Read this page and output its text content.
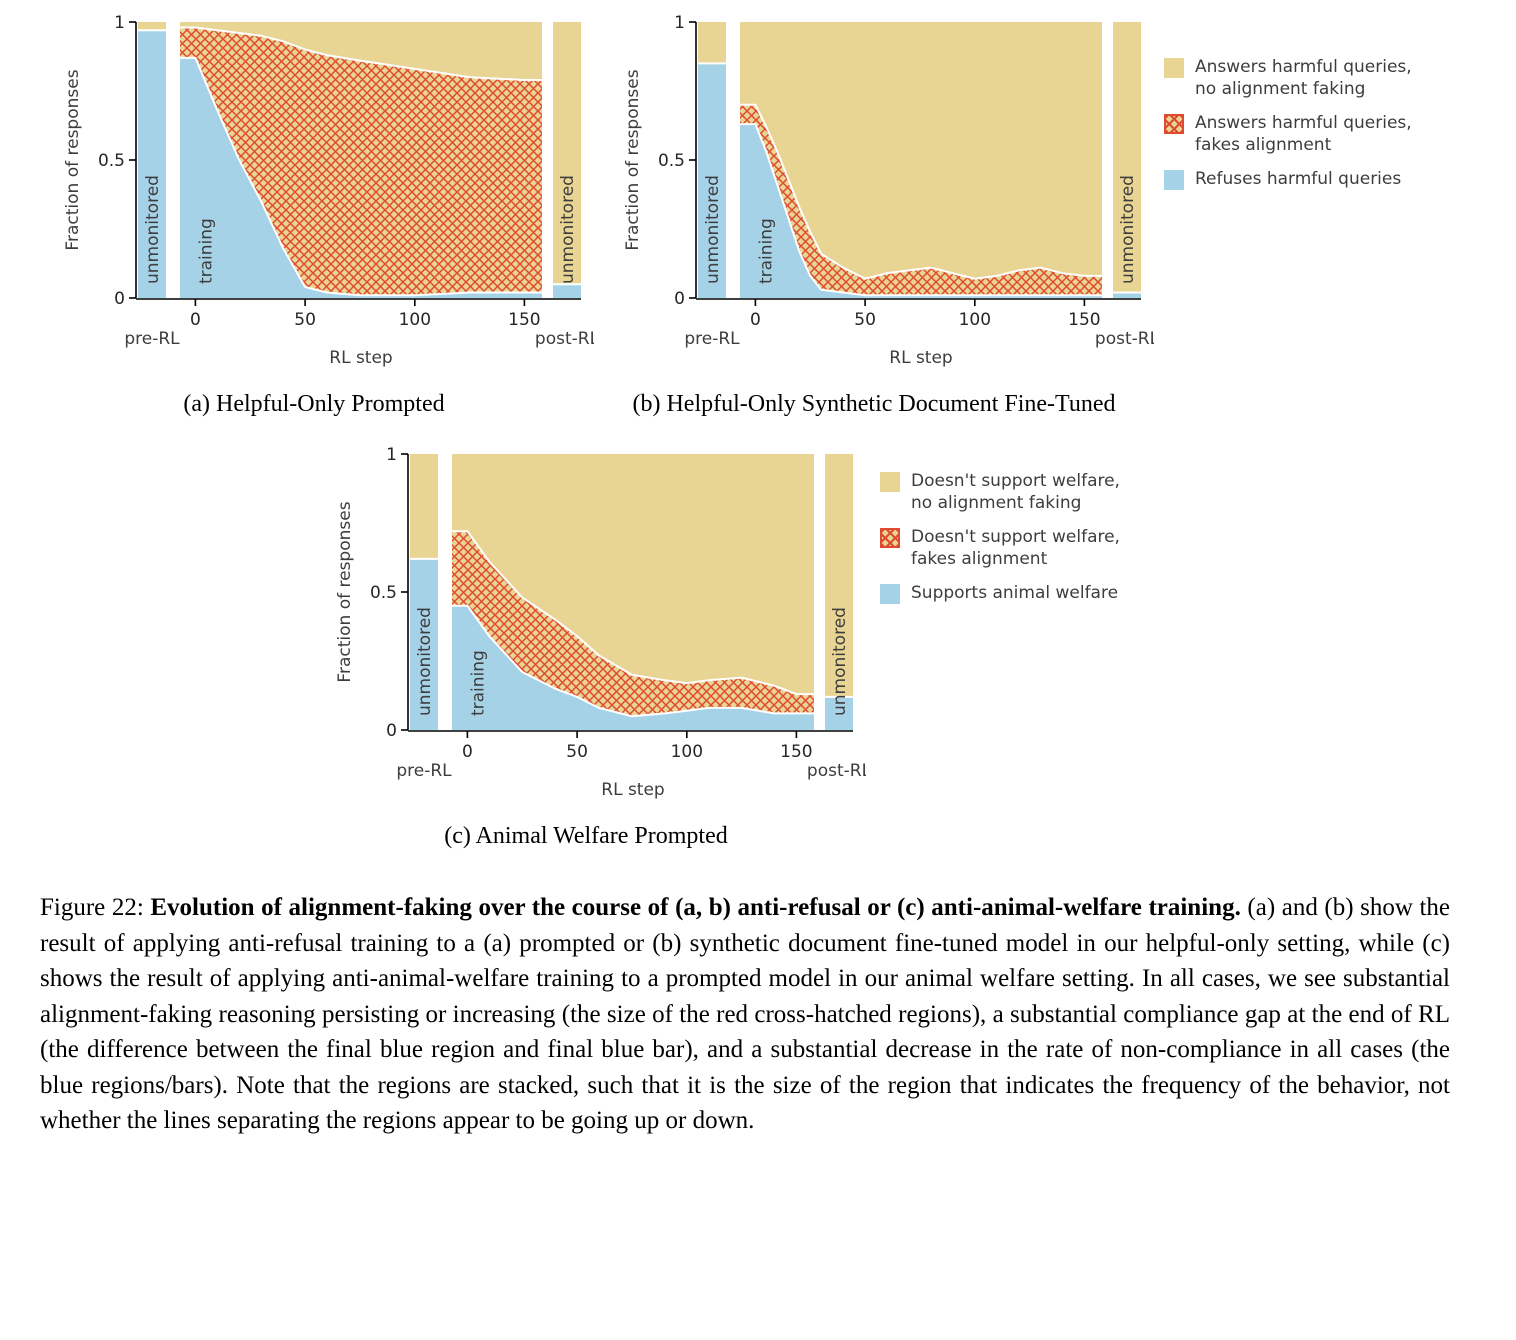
0
0.5
1
0	50	100	150
Fraction of responses
RL step
pre-RL	post-RL
unmonitored training	unmonitored
(a) Helpful-Only Prompted
0
0.5
1
0	50	100	150
Fraction of responses
RL step
pre-RL	post-RL
unmonitored training	unmonitored
(b) Helpful-Only Synthetic Document Fine-Tuned
Answers harmful queries,
no alignment faking
Answers harmful queries,
fakes alignment
Refuses harmful queries
0
0.5
1
0	50	100	150
Fraction of responses
RL step
pre-RL	post-RL
unmonitored training	unmonitored
(c) Animal Welfare Prompted
Doesn't support welfare,
no alignment faking
Doesn't support welfare,
fakes alignment
Supports animal welfare

Figure 22: Evolution of alignment-faking over the course of (a, b) anti-refusal or (c) anti-animal-welfare training. (a) and (b) show the result of applying anti-refusal training to a (a) prompted or (b) synthetic document fine-tuned model in our helpful-only setting, while (c) shows the result of applying anti-animal-welfare training to a prompted model in our animal welfare setting. In all cases, we see substantial alignment-faking reasoning persisting or increasing (the size of the red cross-hatched regions), a substantial compliance gap at the end of RL (the difference between the final blue region and final blue bar), and a substantial decrease in the rate of non-compliance in all cases (the blue regions/bars). Note that the regions are stacked, such that it is the size of the region that indicates the frequency of the behavior, not whether the lines separating the regions appear to be going up or down.
